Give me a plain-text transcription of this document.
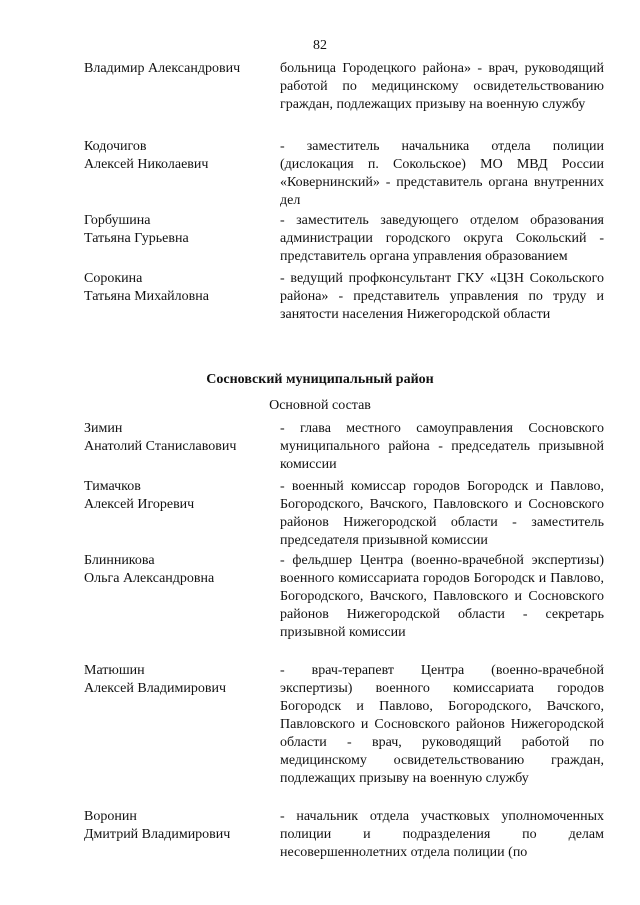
82
Владимир Александрович	больница Городецкого района» - врач, руководящий работой по медицинскому освидетельствованию граждан, подлежащих призыву на военную службу
Кодочигов
Алексей Николаевич
- заместитель начальника отдела полиции (дислокация п. Сокольское) МО МВД России «Ковернинский» - представитель органа внутренних дел
Горбушина
Татьяна Гурьевна
- заместитель заведующего отделом образования администрации городского округа Сокольский - представитель органа управления образованием
Сорокина
Татьяна Михайловна
- ведущий профконсультант ГКУ «ЦЗН Сокольского района» - представитель управления по труду и занятости населения Нижегородской области
Сосновский муниципальный район
Основной состав
Зимин
Анатолий Станиславович
- глава местного самоуправления Сосновского муниципального района - председатель призывной комиссии
Тимачков
Алексей Игоревич
- военный комиссар городов Богородск и Павлово, Богородского, Вачского, Павловского и Сосновского районов Нижегородской области - заместитель председателя призывной комиссии
Блинникова
Ольга Александровна
- фельдшер Центра (военно-врачебной экспертизы) военного комиссариата городов Богородск и Павлово, Богородского, Вачского, Павловского и Сосновского районов Нижегородской области - секретарь призывной комиссии
Матюшин
Алексей Владимирович
- врач-терапевт Центра (военно-врачебной экспертизы) военного комиссариата городов Богородск и Павлово, Богородского, Вачского, Павловского и Сосновского районов Нижегородской области - врач, руководящий работой по медицинскому освидетельствованию граждан, подлежащих призыву на военную службу
Воронин
Дмитрий Владимирович
- начальник отдела участковых уполномоченных полиции и подразделения по делам несовершеннолетних отдела полиции (по
